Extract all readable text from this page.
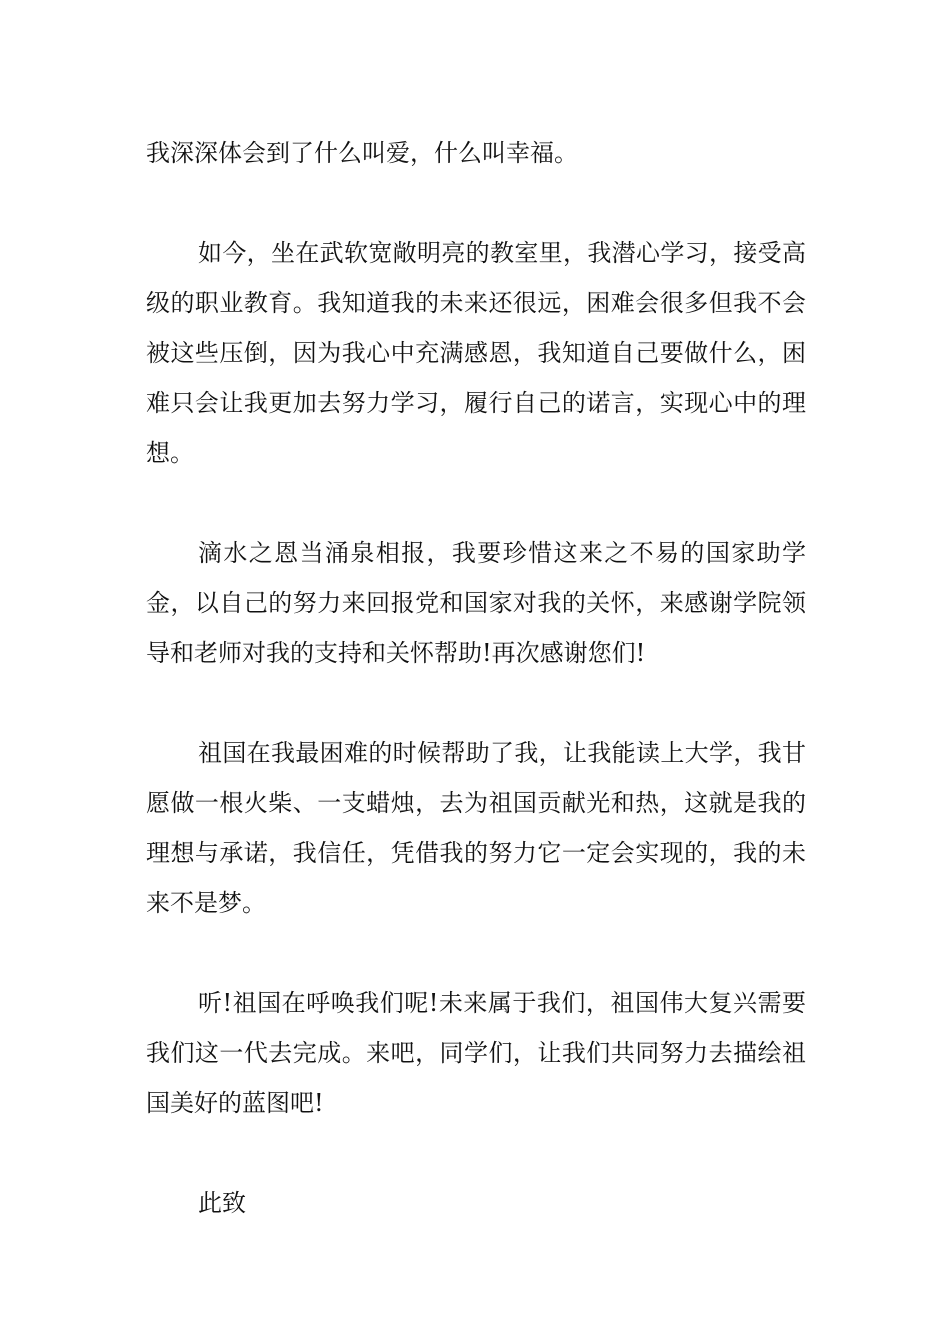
我深深体会到了什么叫爱，什么叫幸福。

如今，坐在武软宽敞明亮的教室里，我潜心学习，接受高级的职业教育。我知道我的未来还很远，困难会很多但我不会被这些压倒，因为我心中充满感恩，我知道自己要做什么，困难只会让我更加去努力学习，履行自己的诺言，实现心中的理想。

滴水之恩当涌泉相报，我要珍惜这来之不易的国家助学金，以自己的努力来回报党和国家对我的关怀，来感谢学院领导和老师对我的支持和关怀帮助!再次感谢您们!

祖国在我最困难的时候帮助了我，让我能读上大学，我甘愿做一根火柴、一支蜡烛，去为祖国贡献光和热，这就是我的理想与承诺，我信任，凭借我的努力它一定会实现的，我的未来不是梦。

听!祖国在呼唤我们呢!未来属于我们，祖国伟大复兴需要我们这一代去完成。来吧，同学们，让我们共同努力去描绘祖国美好的蓝图吧!

此致
